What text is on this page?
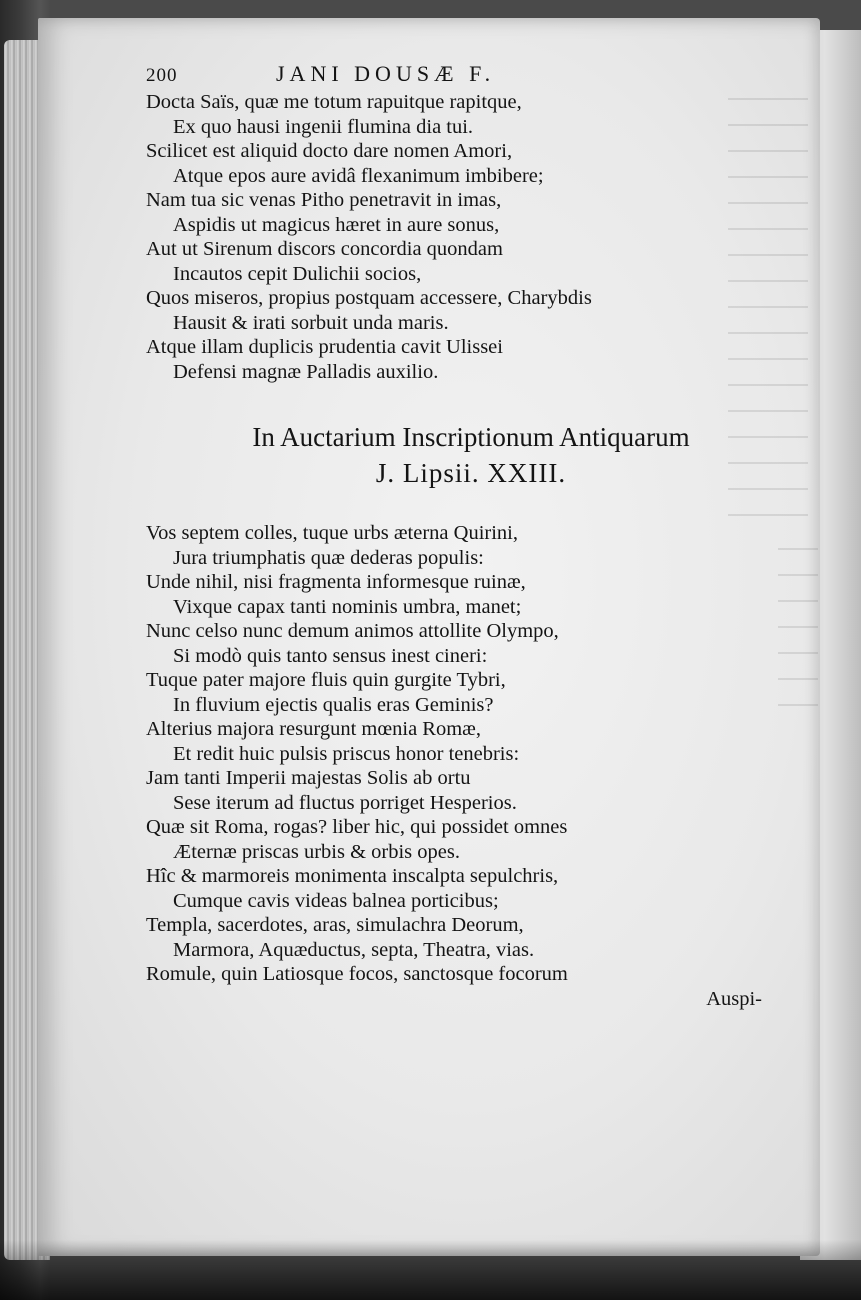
200	JANI DOUSÆ F.
Docta Saïs, quæ me totum rapuitque rapitque,
Ex quo hausi ingenii flumina dia tui.
Scilicet est aliquid docto dare nomen Amori,
Atque epos aure avidâ flexanimum imbibere;
Nam tua sic venas Pitho penetravit in imas,
Aspidis ut magicus hæret in aure sonus,
Aut ut Sirenum discors concordia quondam
Incautos cepit Dulichii socios,
Quos miseros, propius postquam accessere, Charybdis
Hausit & irati sorbuit unda maris.
Atque illam duplicis prudentia cavit Ulissei
Defensi magnæ Palladis auxilio.
In Auctarium Inscriptionum Antiquarum
J. Lipsii. XXIII.
Vos septem colles, tuque urbs æterna Quirini,
Jura triumphatis quæ dederas populis:
Unde nihil, nisi fragmenta informesque ruinæ,
Vixque capax tanti nominis umbra, manet;
Nunc celso nunc demum animos attollite Olympo,
Si modò quis tanto sensus inest cineri:
Tuque pater majore fluis quin gurgite Tybri,
In fluvium ejectis qualis eras Geminis?
Alterius majora resurgunt mœnia Romæ,
Et redit huic pulsis priscus honor tenebris:
Jam tanti Imperii majestas Solis ab ortu
Sese iterum ad fluctus porriget Hesperios.
Quæ sit Roma, rogas? liber hic, qui possidet omnes
Æternæ priscas urbis & orbis opes.
Hîc & marmoreis monimenta inscalpta sepulchris,
Cumque cavis videas balnea porticibus;
Templa, sacerdotes, aras, simulachra Deorum,
Marmora, Aquæductus, septa, Theatra, vias.
Romule, quin Latiosque focos, sanctosque focorum
Auspi-
